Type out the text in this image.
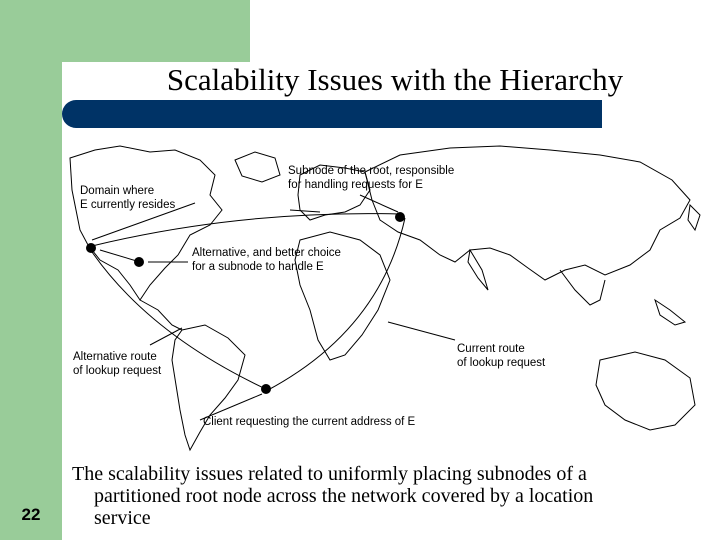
Scalability Issues with the Hierarchy
Subnode of the root, responsible
for handling requests for E
Domain where
E currently resides
Alternative, and better choice
for a subnode to handle E
Alternative route
of lookup request
Current route
of lookup request
Client requesting the current address of E
The scalability issues related to uniformly placing subnodes of a
partitioned root node across the network covered by a location
service
22
